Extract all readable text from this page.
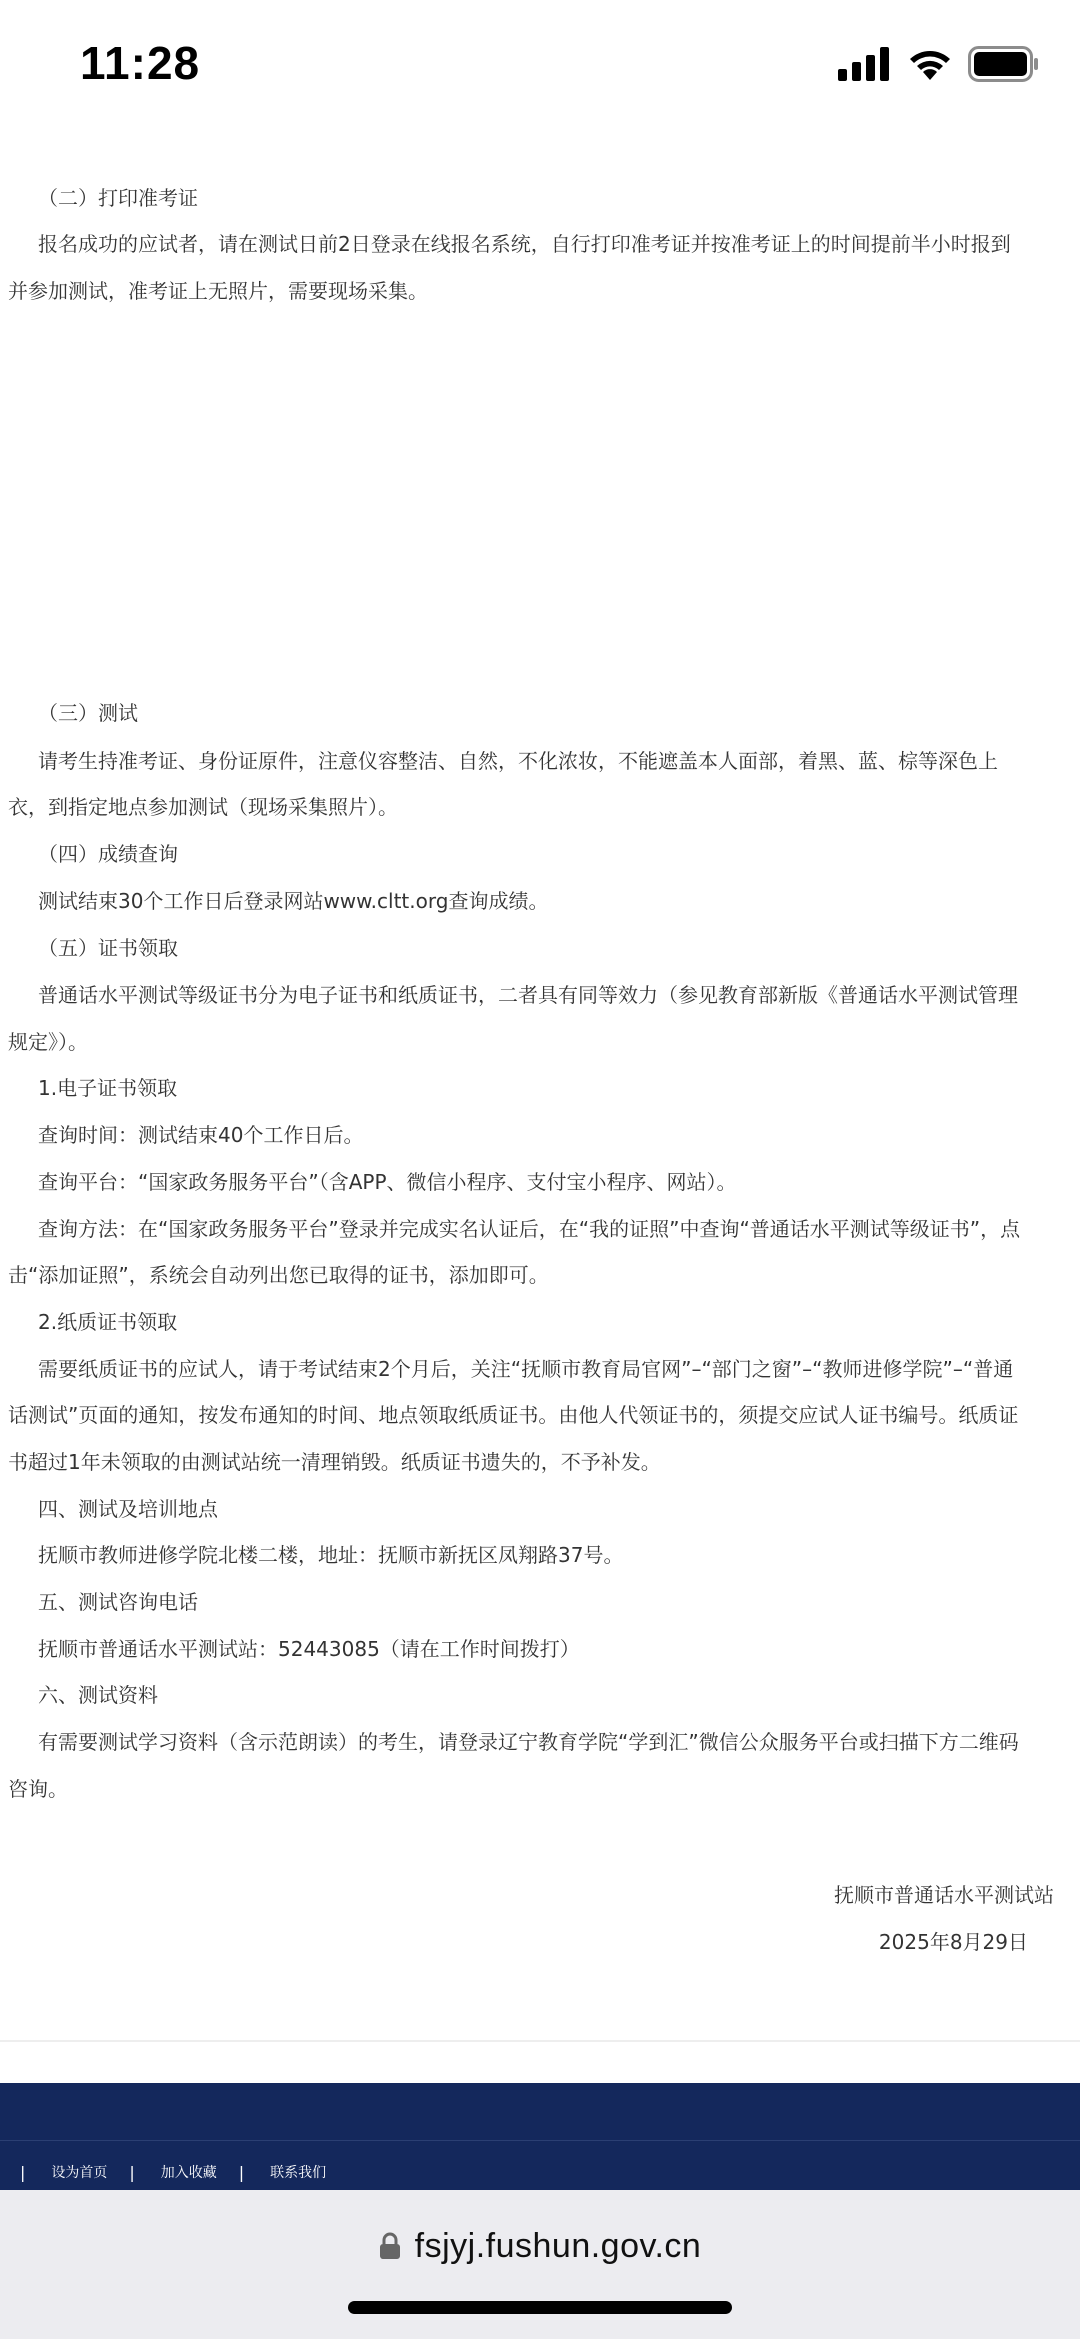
11:28
（二）打印准考证
报名成功的应试者，请在测试日前2日登录在线报名系统，自行打印准考证并按准考证上的时间提前半小时报到
并参加测试，准考证上无照片，需要现场采集。
（三）测试
请考生持准考证、身份证原件，注意仪容整洁、自然，不化浓妆，不能遮盖本人面部，着黑、蓝、棕等深色上
衣，到指定地点参加测试（现场采集照片）。
（四）成绩查询
测试结束30个工作日后登录网站www.cltt.org查询成绩。
（五）证书领取
普通话水平测试等级证书分为电子证书和纸质证书，二者具有同等效力（参见教育部新版《普通话水平测试管理
规定》）。
1.电子证书领取
查询时间：测试结束40个工作日后。
查询平台：“国家政务服务平台”（含APP、微信小程序、支付宝小程序、网站）。
查询方法：在“国家政务服务平台”登录并完成实名认证后，在“我的证照”中查询“普通话水平测试等级证书”，点
击“添加证照”，系统会自动列出您已取得的证书，添加即可。
2.纸质证书领取
需要纸质证书的应试人，请于考试结束2个月后，关注“抚顺市教育局官网”–“部门之窗”–“教师进修学院”–“普通
话测试”页面的通知，按发布通知的时间、地点领取纸质证书。由他人代领证书的，须提交应试人证书编号。纸质证
书超过1年未领取的由测试站统一清理销毁。纸质证书遗失的，不予补发。
四、测试及培训地点
抚顺市教师进修学院北楼二楼，地址：抚顺市新抚区凤翔路37号。
五、测试咨询电话
抚顺市普通话水平测试站：52443085（请在工作时间拨打）
六、测试资料
有需要测试学习资料（含示范朗读）的考生，请登录辽宁教育学院“学到汇”微信公众服务平台或扫描下方二维码
咨询。
抚顺市普通话水平测试站
2025年8月29日
| 设为首页 | 加入收藏 | 联系我们
fsjyj.fushun.gov.cn
